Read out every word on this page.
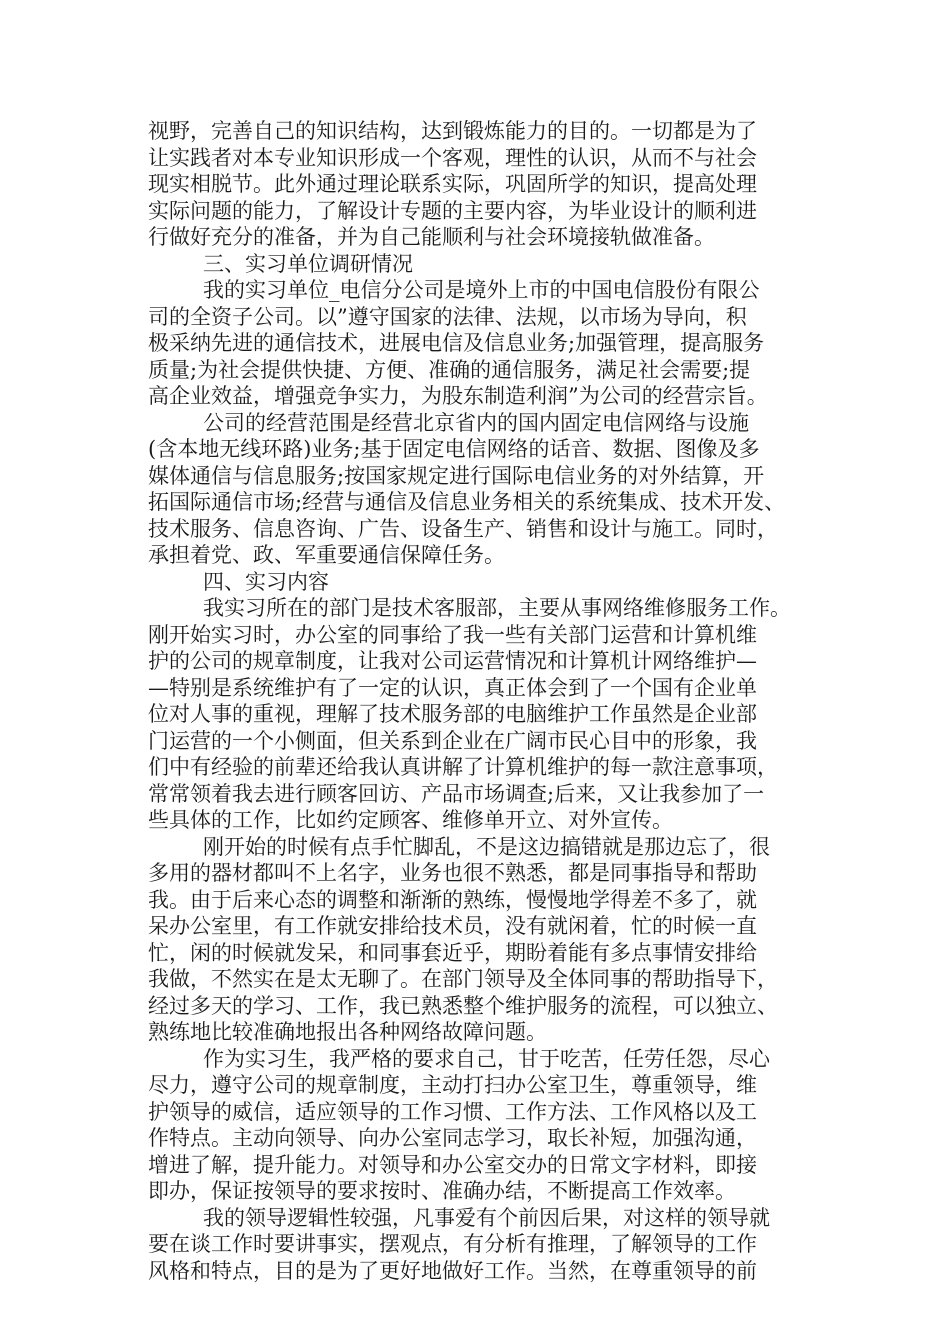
视野，完善自己的知识结构，达到锻炼能力的目的。一切都是为了
让实践者对本专业知识形成一个客观，理性的认识，从而不与社会
现实相脱节。此外通过理论联系实际，巩固所学的知识，提高处理
实际问题的能力，了解设计专题的主要内容，为毕业设计的顺利进
行做好充分的准备，并为自己能顺利与社会环境接轨做准备。
三、实习单位调研情况
我的实习单位_电信分公司是境外上市的中国电信股份有限公
司的全资子公司。以”遵守国家的法律、法规，以市场为导向，积
极采纳先进的通信技术，进展电信及信息业务;加强管理，提高服务
质量;为社会提供快捷、方便、准确的通信服务，满足社会需要;提
高企业效益，增强竞争实力，为股东制造利润”为公司的经营宗旨。
公司的经营范围是经营北京省内的国内固定电信网络与设施
(含本地无线环路)业务;基于固定电信网络的话音、数据、图像及多
媒体通信与信息服务;按国家规定进行国际电信业务的对外结算，开
拓国际通信市场;经营与通信及信息业务相关的系统集成、技术开发、
技术服务、信息咨询、广告、设备生产、销售和设计与施工。同时，
承担着党、政、军重要通信保障任务。
四、实习内容
我实习所在的部门是技术客服部，主要从事网络维修服务工作。
刚开始实习时，办公室的同事给了我一些有关部门运营和计算机维
护的公司的规章制度，让我对公司运营情况和计算机计网络维护—
—特别是系统维护有了一定的认识，真正体会到了一个国有企业单
位对人事的重视，理解了技术服务部的电脑维护工作虽然是企业部
门运营的一个小侧面，但关系到企业在广阔市民心目中的形象，我
们中有经验的前辈还给我认真讲解了计算机维护的每一款注意事项，
常常领着我去进行顾客回访、产品市场调查;后来，又让我参加了一
些具体的工作，比如约定顾客、维修单开立、对外宣传。
刚开始的时候有点手忙脚乱，不是这边搞错就是那边忘了，很
多用的器材都叫不上名字，业务也很不熟悉，都是同事指导和帮助
我。由于后来心态的调整和渐渐的熟练，慢慢地学得差不多了，就
呆办公室里，有工作就安排给技术员，没有就闲着，忙的时候一直
忙，闲的时候就发呆，和同事套近乎，期盼着能有多点事情安排给
我做，不然实在是太无聊了。在部门领导及全体同事的帮助指导下，
经过多天的学习、工作，我已熟悉整个维护服务的流程，可以独立、
熟练地比较准确地报出各种网络故障问题。
作为实习生，我严格的要求自己，甘于吃苦，任劳任怨，尽心
尽力，遵守公司的规章制度，主动打扫办公室卫生，尊重领导，维
护领导的威信，适应领导的工作习惯、工作方法、工作风格以及工
作特点。主动向领导、向办公室同志学习，取长补短，加强沟通，
增进了解，提升能力。对领导和办公室交办的日常文字材料，即接
即办，保证按领导的要求按时、准确办结，不断提高工作效率。
我的领导逻辑性较强，凡事爱有个前因后果，对这样的领导就
要在谈工作时要讲事实，摆观点，有分析有推理，了解领导的工作
风格和特点，目的是为了更好地做好工作。当然，在尊重领导的前
